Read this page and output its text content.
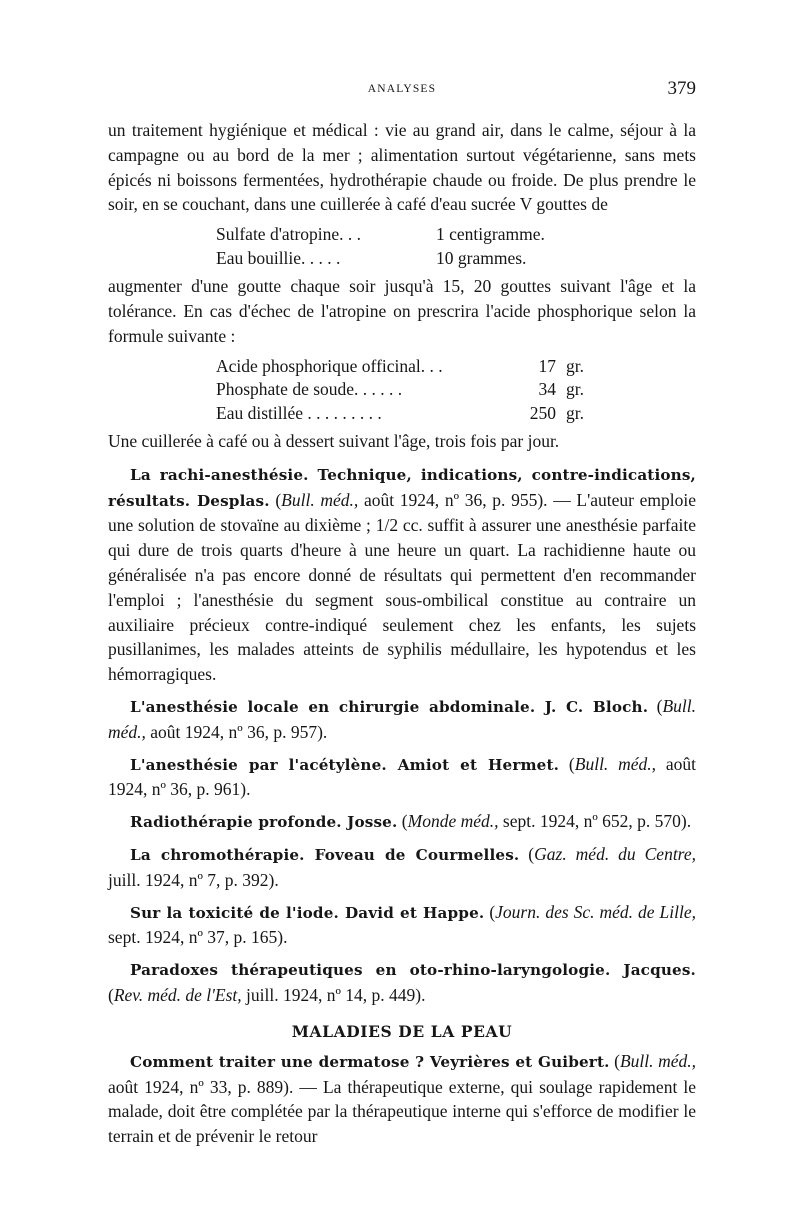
ANALYSES	379

un traitement hygiénique et médical : vie au grand air, dans le calme, séjour à la campagne ou au bord de la mer ; alimentation surtout végétarienne, sans mets épicés ni boissons fermentées, hydrothérapie chaude ou froide. De plus prendre le soir, en se couchant, dans une cuillerée à café d'eau sucrée V gouttes de

Sulfate d'atropine. . .	1 centigramme.
Eau bouillie. . . . .	10 grammes.

augmenter d'une goutte chaque soir jusqu'à 15, 20 gouttes suivant l'âge et la tolérance. En cas d'échec de l'atropine on prescrira l'acide phosphorique selon la formule suivante :

Acide phosphorique officinal. . .	17 gr.
Phosphate de soude. . . . . .	34 gr.
Eau distillée . . . . . . . . .	250 gr.

Une cuillerée à café ou à dessert suivant l'âge, trois fois par jour.

La rachi-anesthésie. Technique, indications, contre-indications, résultats. Desplas. (Bull. méd., août 1924, nº 36, p. 955). — L'auteur emploie une solution de stovaïne au dixième ; 1/2 cc. suffit à assurer une anesthésie parfaite qui dure de trois quarts d'heure à une heure un quart. La rachidienne haute ou généralisée n'a pas encore donné de résultats qui permettent d'en recommander l'emploi ; l'anesthésie du segment sous-ombilical constitue au contraire un auxiliaire précieux contre-indiqué seulement chez les enfants, les sujets pusillanimes, les malades atteints de syphilis médullaire, les hypotendus et les hémorragiques.

L'anesthésie locale en chirurgie abdominale. J. C. Bloch. (Bull. méd., août 1924, nº 36, p. 957).

L'anesthésie par l'acétylène. Amiot et Hermet. (Bull. méd., août 1924, nº 36, p. 961).

Radiothérapie profonde. Josse. (Monde méd., sept. 1924, nº 652, p. 570).

La chromothérapie. Foveau de Courmelles. (Gaz. méd. du Centre, juill. 1924, nº 7, p. 392).

Sur la toxicité de l'iode. David et Happe. (Journ. des Sc. méd. de Lille, sept. 1924, nº 37, p. 165).

Paradoxes thérapeutiques en oto-rhino-laryngologie. Jacques. (Rev. méd. de l'Est, juill. 1924, nº 14, p. 449).

MALADIES DE LA PEAU

Comment traiter une dermatose ? Veyrières et Guibert. (Bull. méd., août 1924, nº 33, p. 889). — La thérapeutique externe, qui soulage rapidement le malade, doit être complétée par la thérapeutique interne qui s'efforce de modifier le terrain et de prévenir le retour
